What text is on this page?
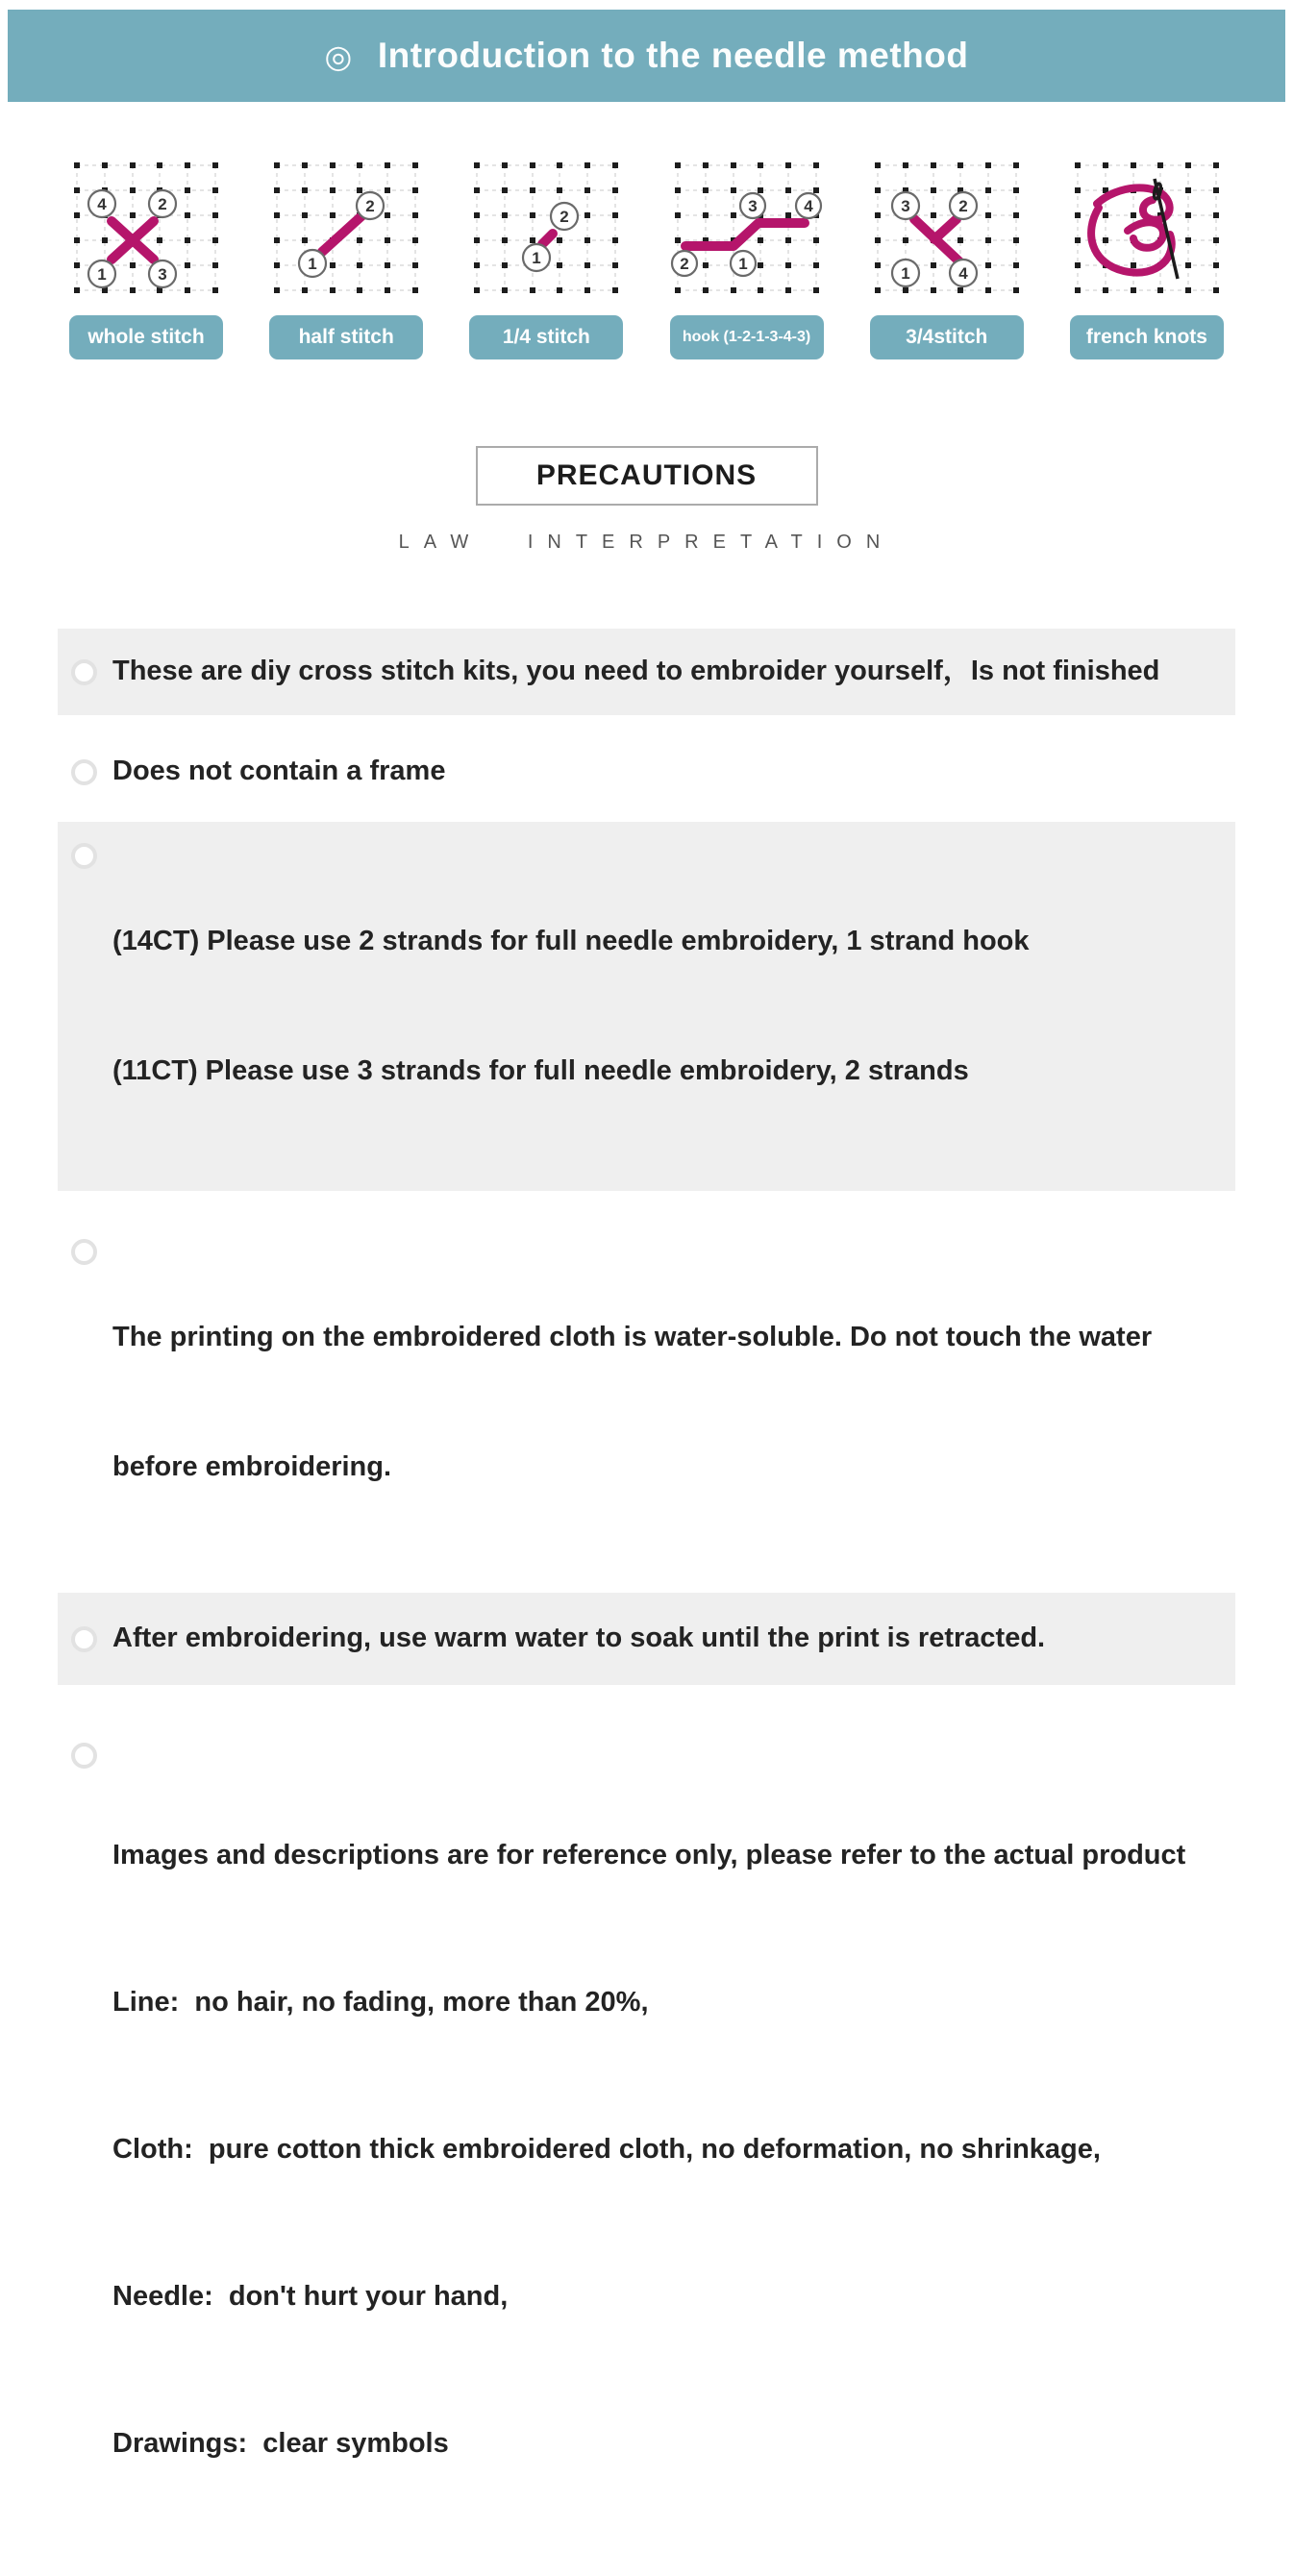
◎ Introduction to the needle method
4	2
1	3
whole stitch
1
2
half stitch
1
2
1/4 stitch
2	1
3	4
hook (1-2-1-3-4-3)
3	2
1	4
3/4stitch	french knots
PRECAUTIONS
LAW INTERPRETATION
These are diy cross stitch kits, you need to embroider yourself，Is not finished
Does not contain a frame

(14CT) Please use 2 strands for full needle embroidery, 1 strand hook

(11CT) Please use 3 strands for full needle embroidery, 2 strands

The printing on the embroidered cloth is water-soluble. Do not touch the water

before embroidering.

After embroidering, use warm water to soak until the print is retracted.

Images and descriptions are for reference only, please refer to the actual product

Line:  no hair, no fading, more than 20%,

Cloth:  pure cotton thick embroidered cloth, no deformation, no shrinkage,

Needle:  don't hurt your hand,

Drawings:  clear symbols
